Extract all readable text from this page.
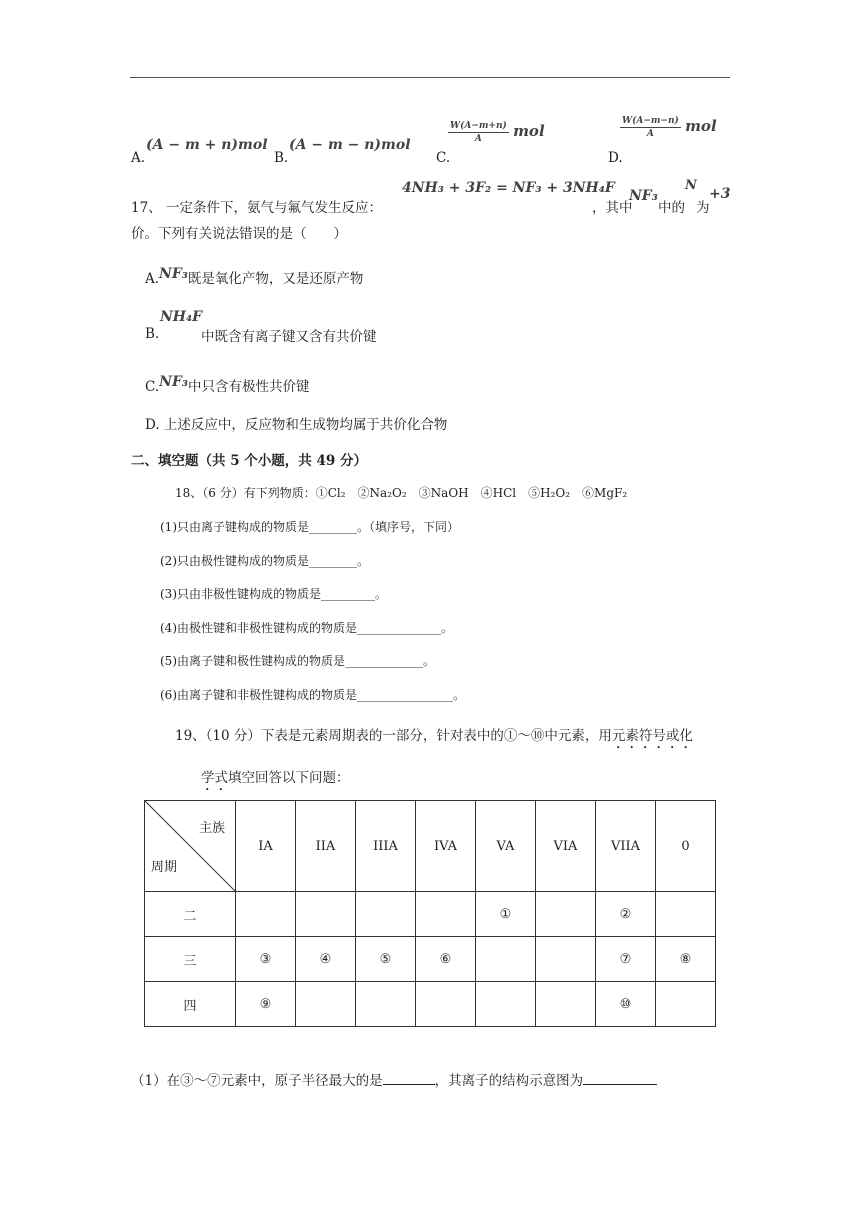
A.
(A − m + n)mol
B.
(A − m − n)mol
C.
$\frac{W(A-m+n)}{A}$ mol
D.
$\frac{W(A-m-n)}{A}$ mol
17、 一定条件下，氨气与氟气发生反应：
4NH₃ + 3F₂ = NF₃ + 3NH₄F
，其中
NF₃
中的
N
为
+3
价。下列有关说法错误的是（　　）
A.NF₃既是氧化产物，又是还原产物
B.
NH₄F
中既含有离子键又含有共价键
C.NF₃中只含有极性共价键
D. 上述反应中，反应物和生成物均属于共价化合物
二、填空题（共 5 个小题，共 49 分）
18、（6 分）有下列物质：①Cl₂　②Na₂O₂　③NaOH　④HCl　⑤H₂O₂　⑥MgF₂
(1)只由离子键构成的物质是________。（填序号，下同）
(2)只由极性键构成的物质是________。
(3)只由非极性键构成的物质是_________。
(4)由极性键和非极性键构成的物质是______________。
(5)由离子键和极性键构成的物质是_____________。
(6)由离子键和非极性键构成的物质是________________。
19、（10 分）下表是元素周期表的一部分，针对表中的①～⑩中元素，用元素符号或化
学式填空回答以下问题：
主族
周期	IA	IIA	IIIA	IVA	VA	VIA	VIIA	0
二					①		②	
三	③	④	⑤	⑥			⑦	⑧
四	⑨						⑩	
（1）在③～⑦元素中，原子半径最大的是	，其离子的结构示意图为
